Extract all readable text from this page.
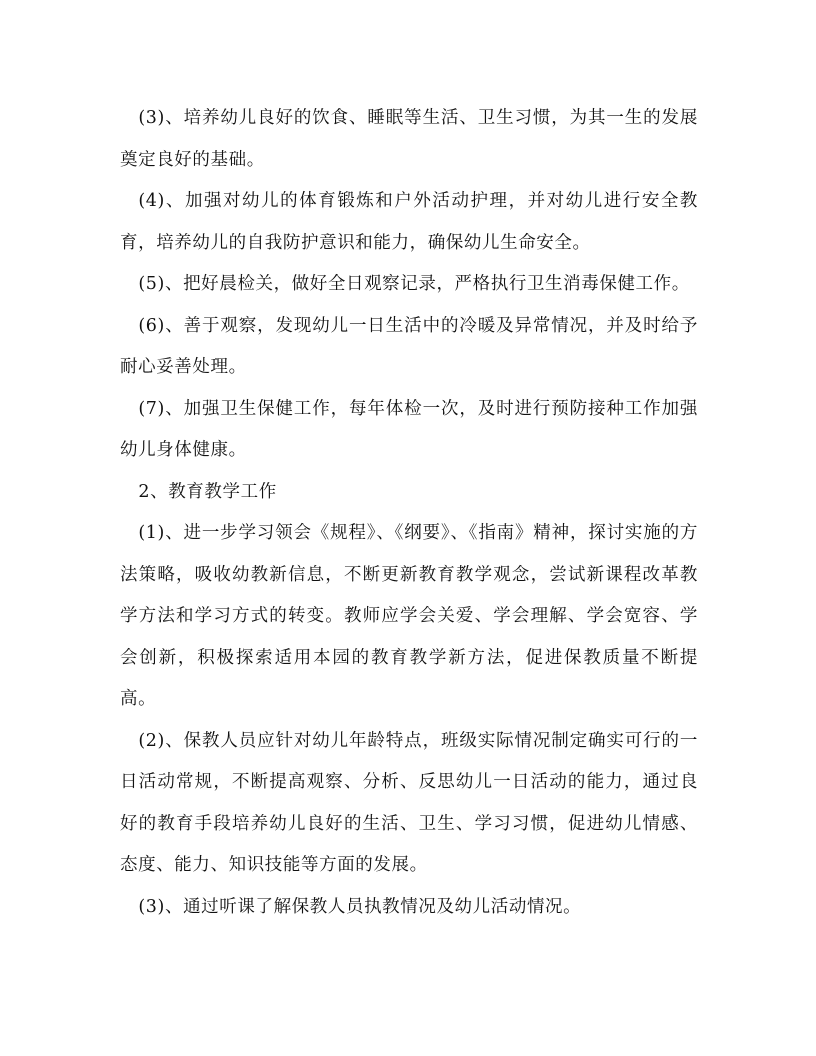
(3)、培养幼儿良好的饮食、睡眠等生活、卫生习惯，为其一生的发展奠定良好的基础。

(4)、加强对幼儿的体育锻炼和户外活动护理，并对幼儿进行安全教育，培养幼儿的自我防护意识和能力，确保幼儿生命安全。

(5)、把好晨检关，做好全日观察记录，严格执行卫生消毒保健工作。

(6)、善于观察，发现幼儿一日生活中的冷暖及异常情况，并及时给予耐心妥善处理。

(7)、加强卫生保健工作，每年体检一次，及时进行预防接种工作加强幼儿身体健康。

2、教育教学工作

(1)、进一步学习领会《规程》、《纲要》、《指南》精神，探讨实施的方法策略，吸收幼教新信息，不断更新教育教学观念，尝试新课程改革教学方法和学习方式的转变。教师应学会关爱、学会理解、学会宽容、学会创新，积极探索适用本园的教育教学新方法，促进保教质量不断提高。

(2)、保教人员应针对幼儿年龄特点，班级实际情况制定确实可行的一日活动常规，不断提高观察、分析、反思幼儿一日活动的能力，通过良好的教育手段培养幼儿良好的生活、卫生、学习习惯，促进幼儿情感、态度、能力、知识技能等方面的发展。

(3)、通过听课了解保教人员执教情况及幼儿活动情况。
